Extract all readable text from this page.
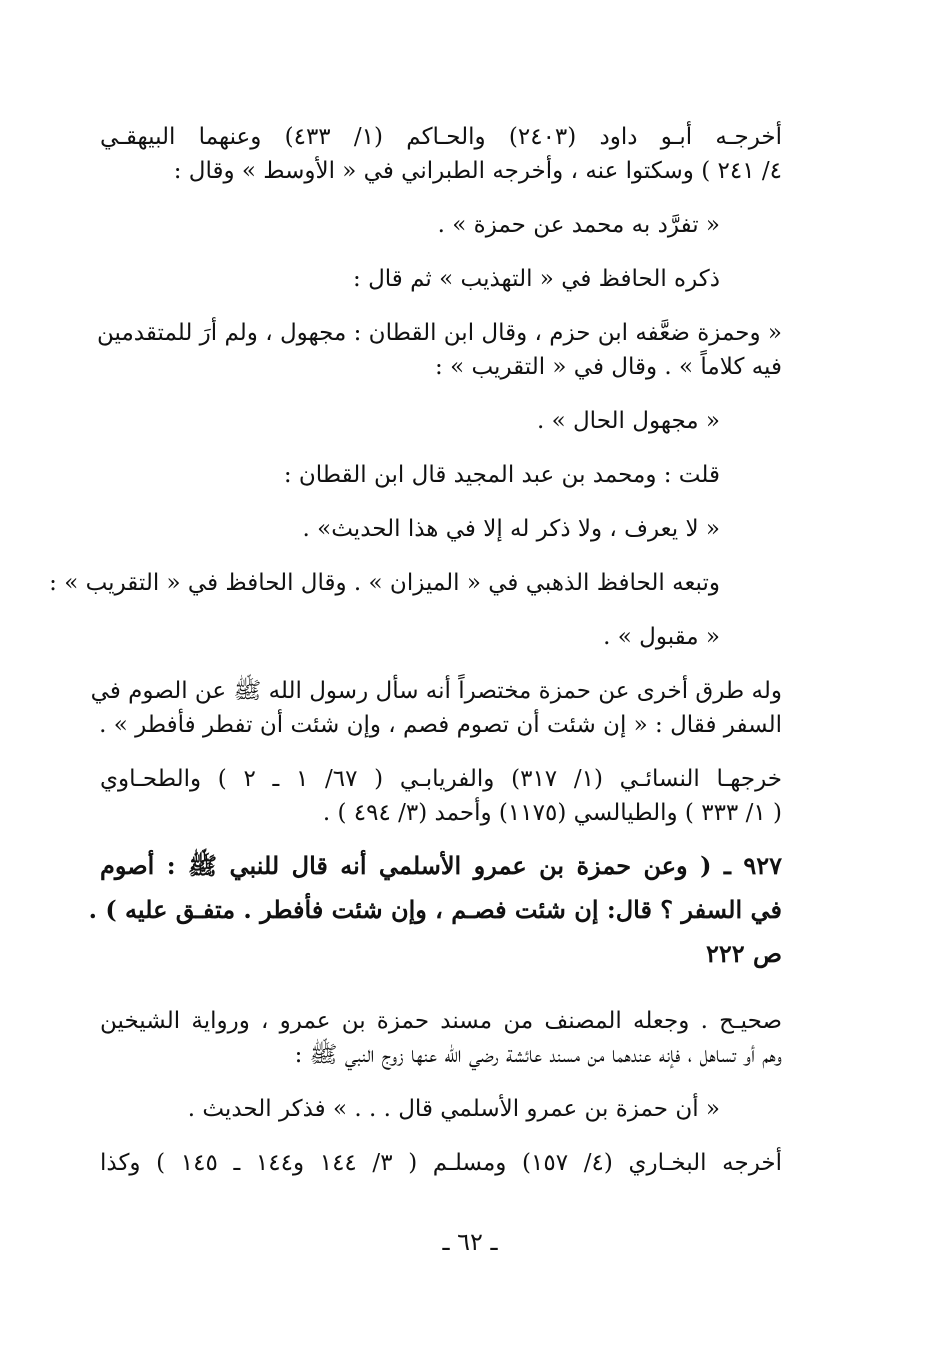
أخرجـه أبـو داود (٢٤٠٣) والحـاكم (١/ ٤٣٣) وعنهما البيهقـي

٤/ ٢٤١ ) وسكتوا عنه ، وأخرجه الطبراني في « الأوسط » وقال :

« تفرَّد به محمد عن حمزة » .

ذكره الحافظ في « التهذيب » ثم قال :

« وحمزة ضعَّفه ابن حزم ، وقال ابن القطان : مجهول ، ولم أرَ للمتقدمين

فيه كلاماً » . وقال في « التقريب » :

« مجهول الحال » .

قلت : ومحمد بن عبد المجيد قال ابن القطان :

« لا يعرف ، ولا ذكر له إلا في هذا الحديث» .

وتبعه الحافظ الذهبي في « الميزان » . وقال الحافظ في « التقريب » :

« مقبول » .

وله طرق أخرى عن حمزة مختصراً أنه سأل رسول الله ﷺ عن الصوم في

السفر فقال : « إن شئت أن تصوم فصم ، وإن شئت أن تفطر فأفطر » .

خرجهـا النسائـي (١/ ٣١٧) والفريابـي ( ٦٧/ ١ ـ ٢ ) والطحـاوي

( ١/ ٣٣٣ ) والطيالسي (١١٧٥) وأحمد (٣/ ٤٩٤ ) .

٩٢٧ ـ ( وعن حمزة بن عمرو الأسلمي أنه قال للنبي ﷺ : أصوم

في السفر ؟ قال: إن شئت فصـم ، وإن شئت فأفطر . متفـق عليه ) .

ص ٢٢٢

صحيـح . وجعله المصنف من مسند حمزة بن عمرو ، ورواية الشيخين

وهم أو تساهل ، فإنه عندهما من مسند عائشة رضي الله عنها زوج النبي ﷺ :

« أن حمزة بن عمرو الأسلمي قال . . . » فذكر الحديث .

أخرجه البخـاري (٤/ ١٥٧) ومسلـم ( ٣/ ١٤٤ و١٤٤ ـ ١٤٥ ) وكذا

ـ ٦٢ ـ
